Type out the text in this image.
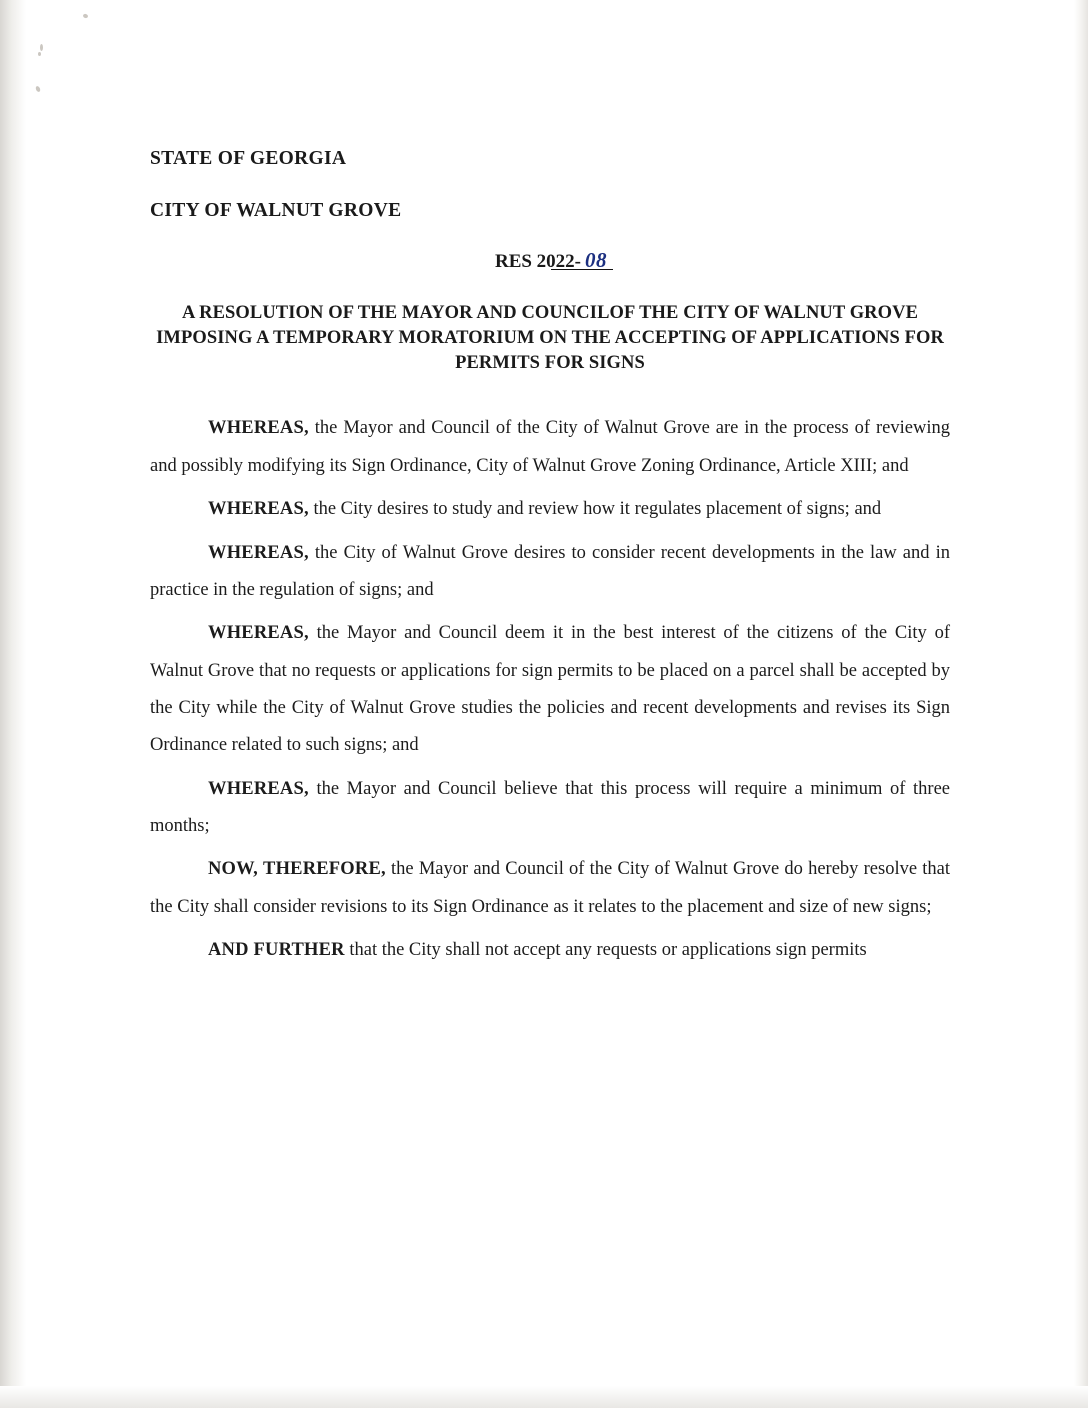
STATE OF GEORGIA
CITY OF WALNUT GROVE
RES 2022- 08
A RESOLUTION OF THE MAYOR AND COUNCILOF THE CITY OF WALNUT GROVE IMPOSING A TEMPORARY MORATORIUM ON THE ACCEPTING OF APPLICATIONS FOR PERMITS FOR SIGNS

WHEREAS, the Mayor and Council of the City of Walnut Grove are in the process of reviewing and possibly modifying its Sign Ordinance, City of Walnut Grove Zoning Ordinance, Article XIII; and

WHEREAS, the City desires to study and review how it regulates placement of signs; and

WHEREAS, the City of Walnut Grove desires to consider recent developments in the law and in practice in the regulation of signs; and

WHEREAS, the Mayor and Council deem it in the best interest of the citizens of the City of Walnut Grove that no requests or applications for sign permits to be placed on a parcel shall be accepted by the City while the City of Walnut Grove studies the policies and recent developments and revises its Sign Ordinance related to such signs; and

WHEREAS, the Mayor and Council believe that this process will require a minimum of three months;

NOW, THEREFORE, the Mayor and Council of the City of Walnut Grove do hereby resolve that the City shall consider revisions to its Sign Ordinance as it relates to the placement and size of new signs;

AND FURTHER that the City shall not accept any requests or applications sign permits
